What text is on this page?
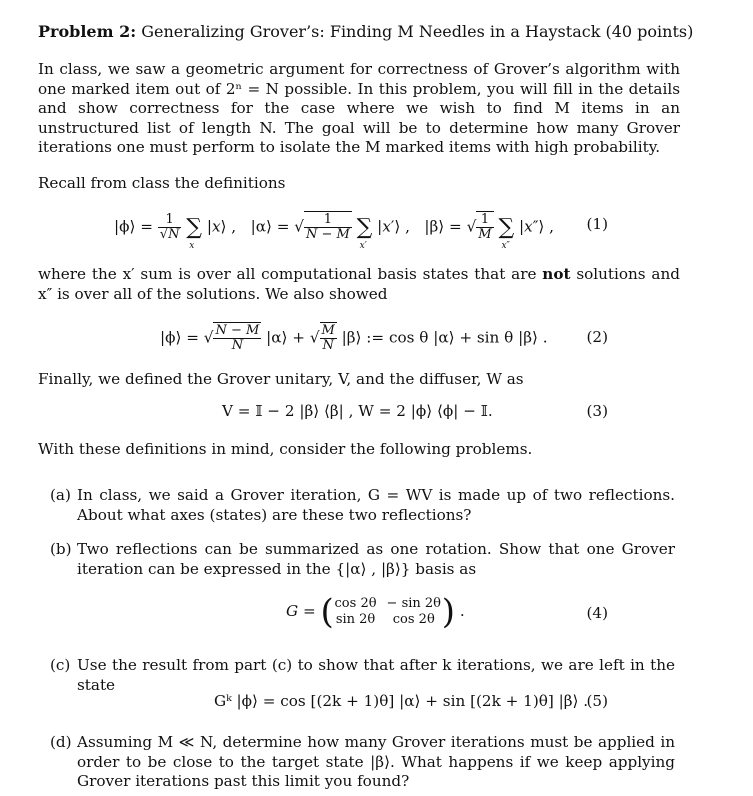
Problem 2: Generalizing Grover’s: Finding M Needles in a Haystack (40 points)
In class, we saw a geometric argument for correctness of Grover’s algorithm with one marked item out of 2ⁿ = N possible. In this problem, you will fill in the details and show correctness for the case where we wish to find M items in an unstructured list of length N. The goal will be to determine how many Grover iterations one must perform to isolate the M marked items with high probability.
Recall from class the definitions
|ϕ⟩ = $\frac{1}{√N}$ ∑
x
|x⟩ ,   |α⟩ = √ $\frac{1}{N - M}$ ∑
x′
|x′⟩ ,   |β⟩ = √ $\frac{1}{M}$ ∑
x″
|x″⟩ ,	(1)
where the x′ sum is over all computational basis states that are not solutions and x″ is over all of the solutions. We also showed
|ϕ⟩ = √ $\frac{N - M}{N}$ |α⟩ + √ $\frac{M}{N}$ |β⟩ := cos θ |α⟩ + sin θ |β⟩ .	(2)
Finally, we defined the Grover unitary, V, and the diffuser, W as
V = 𝕀 − 2 |β⟩ ⟨β| , W = 2 |ϕ⟩ ⟨ϕ| − 𝕀.	(3)
With these definitions in mind, consider the following problems.
(a) In class, we said a Grover iteration, G = WV is made up of two reflections. About what axes (states) are these two reflections?
(b) Two reflections can be summarized as one rotation. Show that one Grover iteration can be expressed in the {|α⟩ , |β⟩} basis as
G = ( cos 2θ	− sin 2θ
sin 2θ	cos 2θ ) .	(4)
(c) Use the result from part (c) to show that after k iterations, we are left in the state
Gᵏ |ϕ⟩ = cos [(2k + 1)θ] |α⟩ + sin [(2k + 1)θ] |β⟩ .
(5)
(d) Assuming M ≪ N, determine how many Grover iterations must be applied in order to be close to the target state |β⟩. What happens if we keep applying Grover iterations past this limit you found?
